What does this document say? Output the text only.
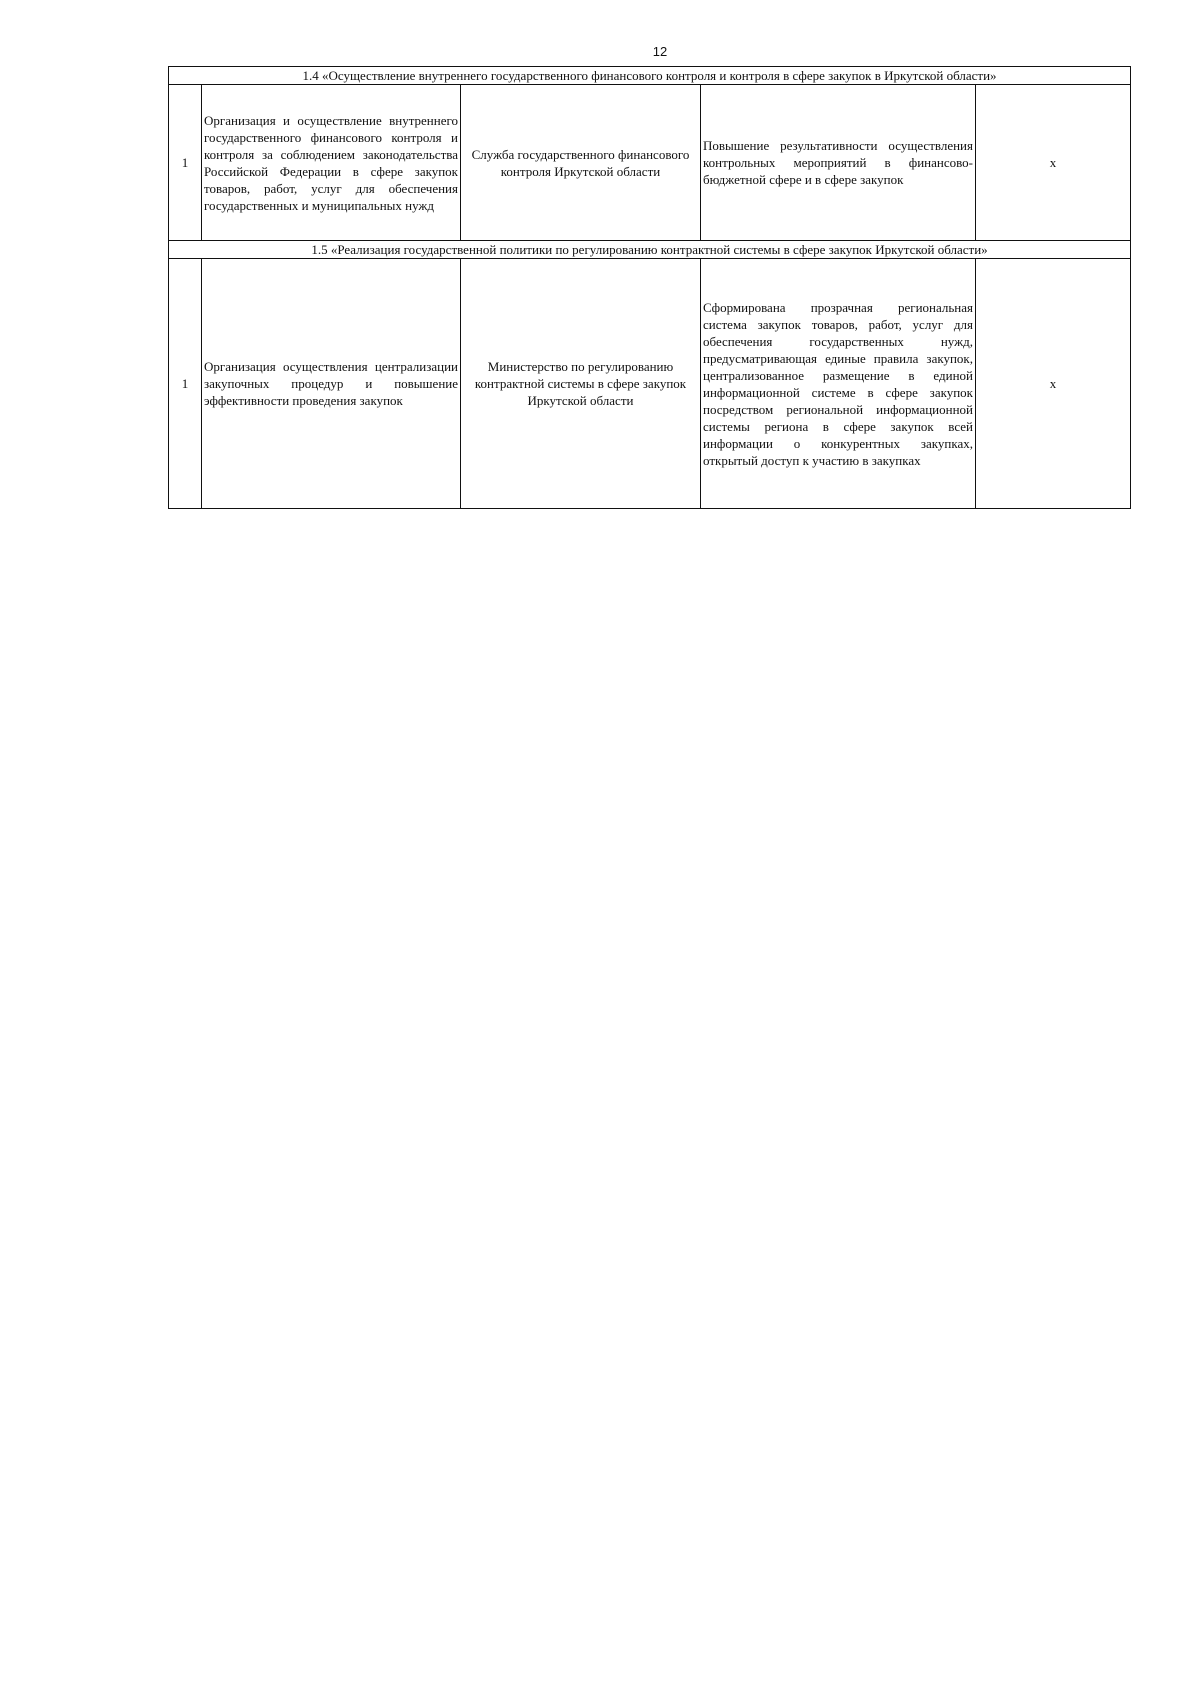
12
1.4 «Осуществление внутреннего государственного финансового контроля и контроля в сфере закупок в Иркутской области»				
1	Организация и осуществление внутреннего государственного финансового контроля и контроля за соблюдением законодательства Российской Федерации в сфере закупок товаров, работ, услуг для обеспечения государственных и муниципальных нужд	Служба государственного финансового контроля Иркутской области	Повышение результативности осуществления контрольных мероприятий в финансово-бюджетной сфере и в сфере закупок	x
1.5 «Реализация государственной политики по регулированию контрактной системы в сфере закупок Иркутской области»				
1	Организация осуществления централизации закупочных процедур и повышение эффективности проведения закупок	Министерство по регулированию контрактной системы в сфере закупок Иркутской области	Сформирована прозрачная региональная система закупок товаров, работ, услуг для обеспечения государственных нужд, предусматривающая единые правила закупок, централизованное размещение в единой информационной системе в сфере закупок посредством региональной информационной системы региона в сфере закупок всей информации о конкурентных закупках, открытый доступ к участию в закупках	x
